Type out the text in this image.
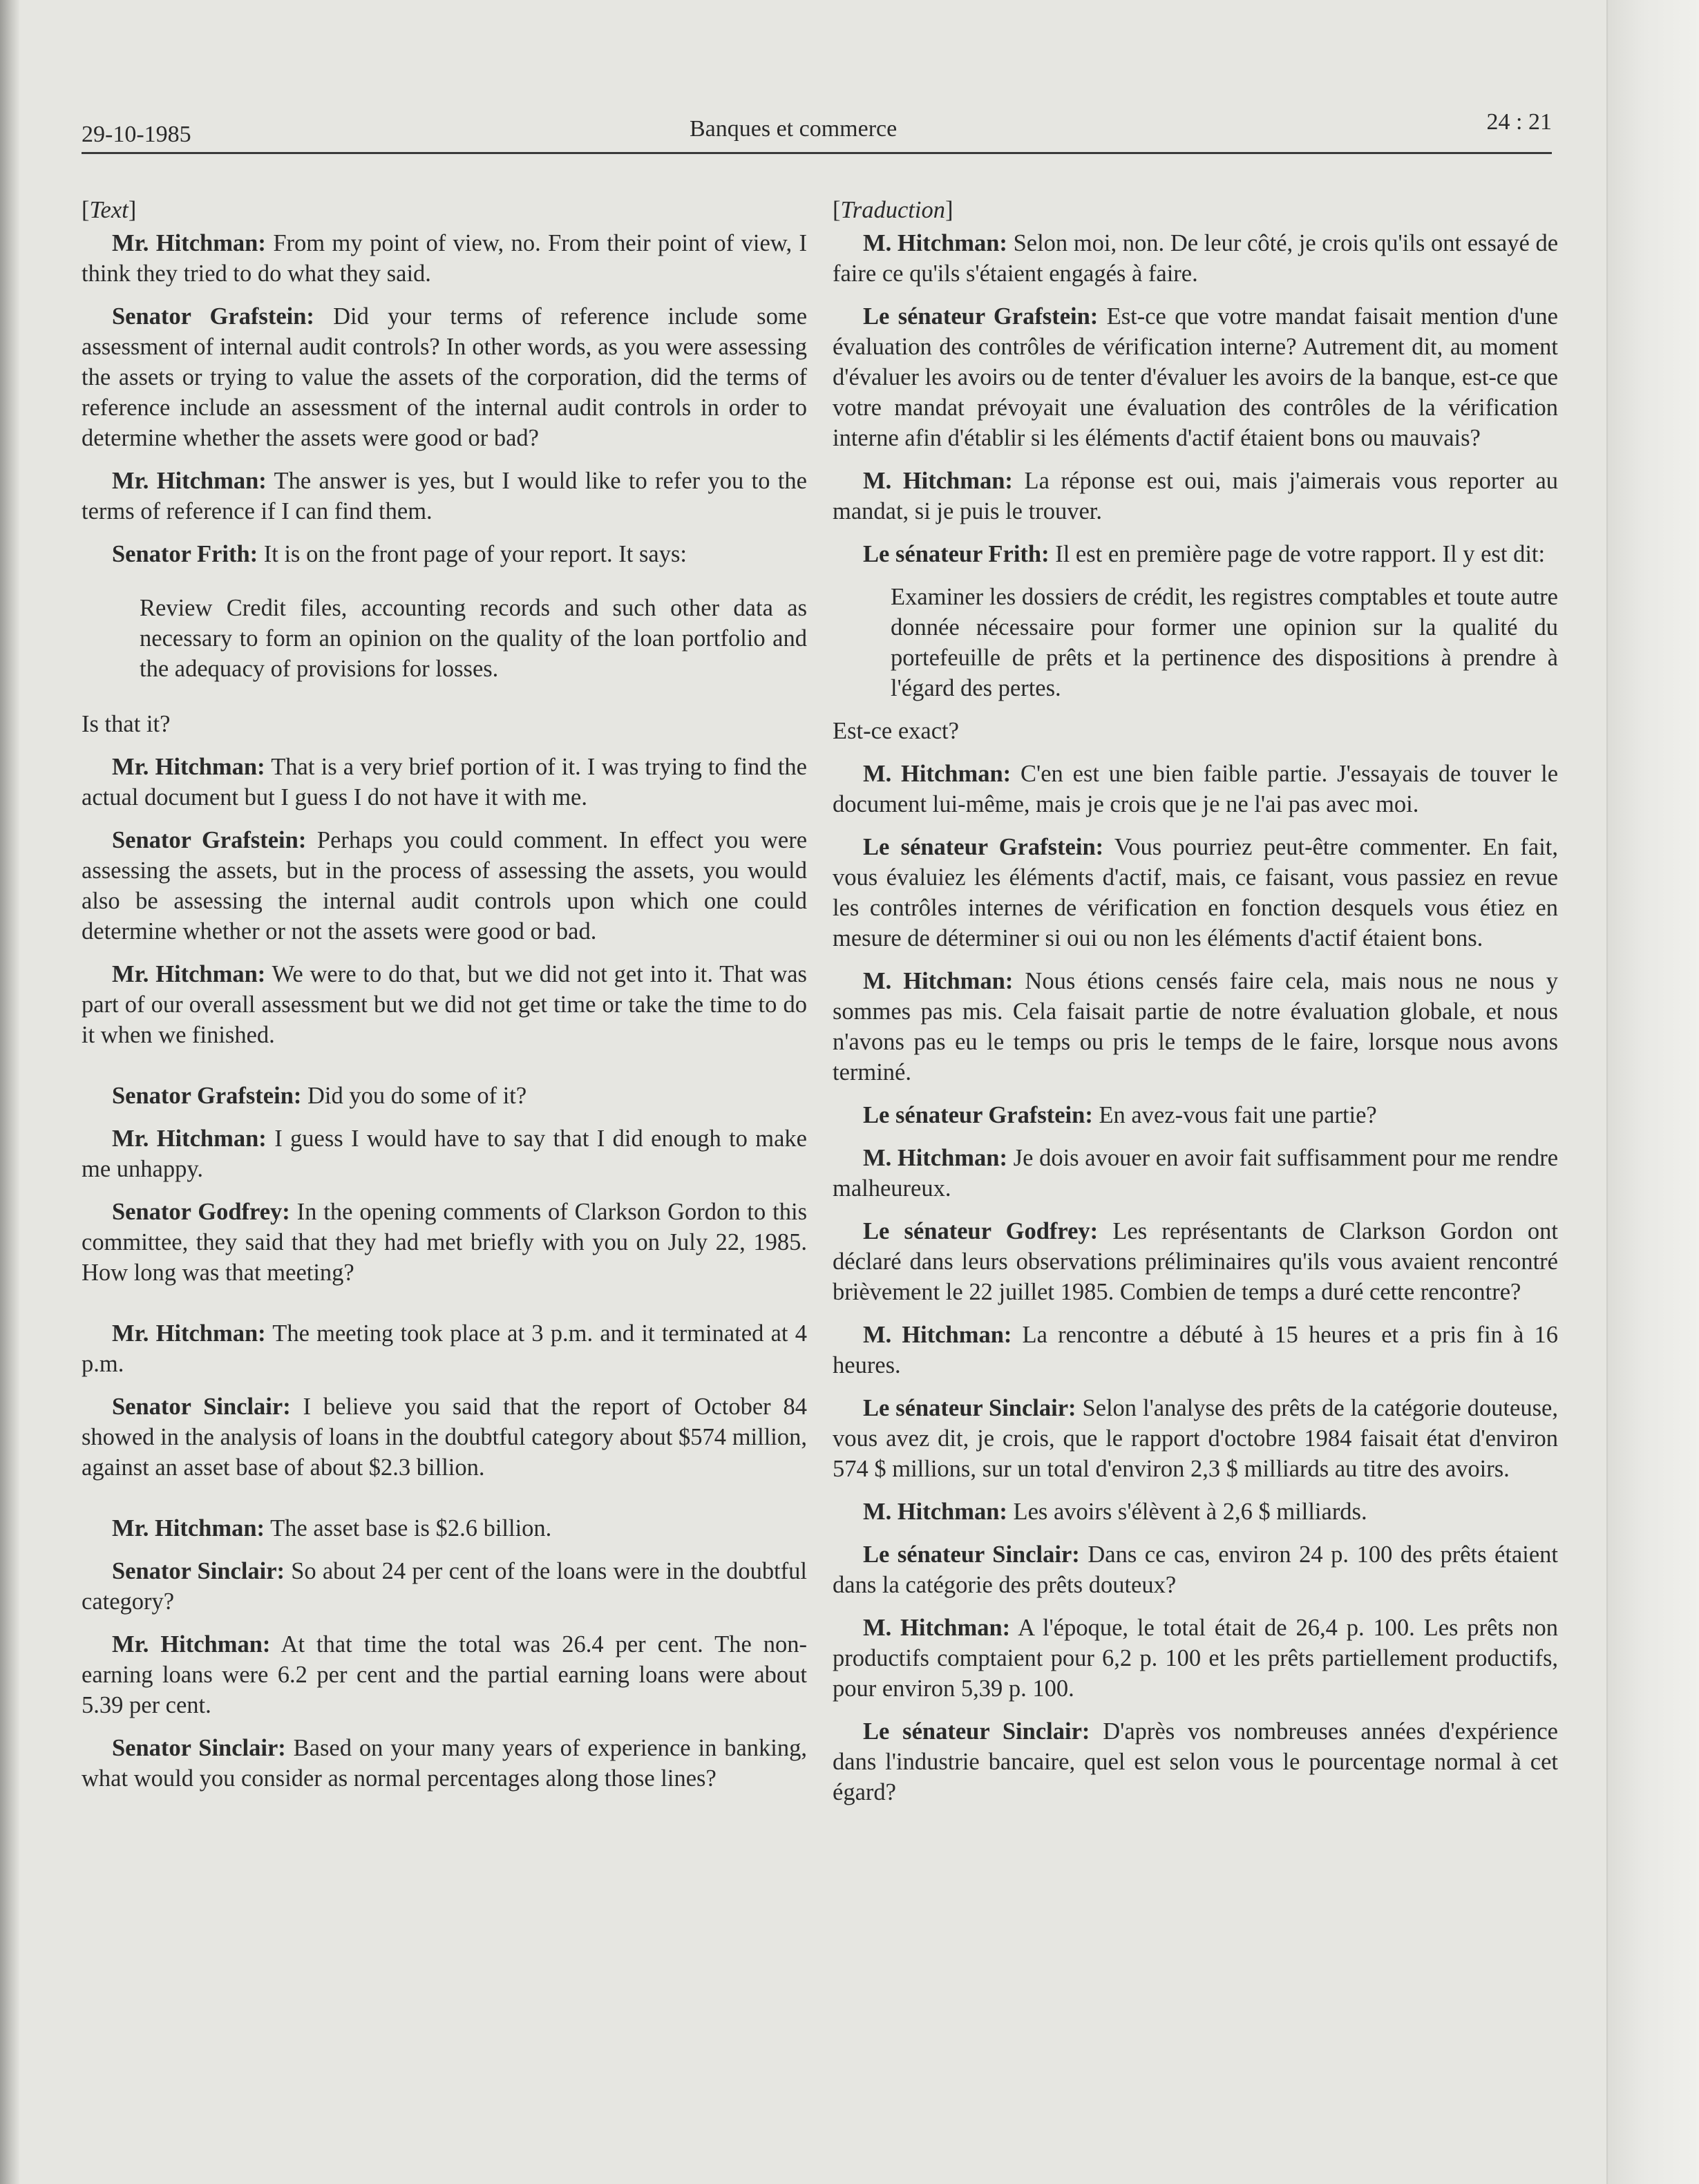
29-10-1985	Banques et commerce	24 : 21

[Text]

Mr. Hitchman: From my point of view, no. From their point of view, I think they tried to do what they said.

Senator Grafstein: Did your terms of reference include some assessment of internal audit controls? In other words, as you were assessing the assets or trying to value the assets of the corporation, did the terms of reference include an assessment of the internal audit controls in order to determine whether the assets were good or bad?

Mr. Hitchman: The answer is yes, but I would like to refer you to the terms of reference if I can find them.

Senator Frith: It is on the front page of your report. It says:

Review Credit files, accounting records and such other data as necessary to form an opinion on the quality of the loan portfolio and the adequacy of provisions for losses.

Is that it?

Mr. Hitchman: That is a very brief portion of it. I was trying to find the actual document but I guess I do not have it with me.

Senator Grafstein: Perhaps you could comment. In effect you were assessing the assets, but in the process of assessing the assets, you would also be assessing the internal audit controls upon which one could determine whether or not the assets were good or bad.

Mr. Hitchman: We were to do that, but we did not get into it. That was part of our overall assessment but we did not get time or take the time to do it when we finished.

Senator Grafstein: Did you do some of it?

Mr. Hitchman: I guess I would have to say that I did enough to make me unhappy.

Senator Godfrey: In the opening comments of Clarkson Gordon to this committee, they said that they had met briefly with you on July 22, 1985. How long was that meeting?

Mr. Hitchman: The meeting took place at 3 p.m. and it terminated at 4 p.m.

Senator Sinclair: I believe you said that the report of October 84 showed in the analysis of loans in the doubtful category about $574 million, against an asset base of about $2.3 billion.

Mr. Hitchman: The asset base is $2.6 billion.

Senator Sinclair: So about 24 per cent of the loans were in the doubtful category?

Mr. Hitchman: At that time the total was 26.4 per cent. The non-earning loans were 6.2 per cent and the partial earning loans were about 5.39 per cent.

Senator Sinclair: Based on your many years of experience in banking, what would you consider as normal percentages along those lines?

[Traduction]

M. Hitchman: Selon moi, non. De leur côté, je crois qu'ils ont essayé de faire ce qu'ils s'étaient engagés à faire.

Le sénateur Grafstein: Est-ce que votre mandat faisait mention d'une évaluation des contrôles de vérification interne? Autrement dit, au moment d'évaluer les avoirs ou de tenter d'évaluer les avoirs de la banque, est-ce que votre mandat prévoyait une évaluation des contrôles de la vérification interne afin d'établir si les éléments d'actif étaient bons ou mauvais?

M. Hitchman: La réponse est oui, mais j'aimerais vous reporter au mandat, si je puis le trouver.

Le sénateur Frith: Il est en première page de votre rapport. Il y est dit:

Examiner les dossiers de crédit, les registres comptables et toute autre donnée nécessaire pour former une opinion sur la qualité du portefeuille de prêts et la pertinence des dispositions à prendre à l'égard des pertes.

Est-ce exact?

M. Hitchman: C'en est une bien faible partie. J'essayais de touver le document lui-même, mais je crois que je ne l'ai pas avec moi.

Le sénateur Grafstein: Vous pourriez peut-être commenter. En fait, vous évaluiez les éléments d'actif, mais, ce faisant, vous passiez en revue les contrôles internes de vérification en fonction desquels vous étiez en mesure de déterminer si oui ou non les éléments d'actif étaient bons.

M. Hitchman: Nous étions censés faire cela, mais nous ne nous y sommes pas mis. Cela faisait partie de notre évaluation globale, et nous n'avons pas eu le temps ou pris le temps de le faire, lorsque nous avons terminé.

Le sénateur Grafstein: En avez-vous fait une partie?

M. Hitchman: Je dois avouer en avoir fait suffisamment pour me rendre malheureux.

Le sénateur Godfrey: Les représentants de Clarkson Gordon ont déclaré dans leurs observations préliminaires qu'ils vous avaient rencontré brièvement le 22 juillet 1985. Combien de temps a duré cette rencontre?

M. Hitchman: La rencontre a débuté à 15 heures et a pris fin à 16 heures.

Le sénateur Sinclair: Selon l'analyse des prêts de la catégorie douteuse, vous avez dit, je crois, que le rapport d'octobre 1984 faisait état d'environ 574 $ millions, sur un total d'environ 2,3 $ milliards au titre des avoirs.

M. Hitchman: Les avoirs s'élèvent à 2,6 $ milliards.

Le sénateur Sinclair: Dans ce cas, environ 24 p. 100 des prêts étaient dans la catégorie des prêts douteux?

M. Hitchman: A l'époque, le total était de 26,4 p. 100. Les prêts non productifs comptaient pour 6,2 p. 100 et les prêts partiellement productifs, pour environ 5,39 p. 100.

Le sénateur Sinclair: D'après vos nombreuses années d'expérience dans l'industrie bancaire, quel est selon vous le pourcentage normal à cet égard?
